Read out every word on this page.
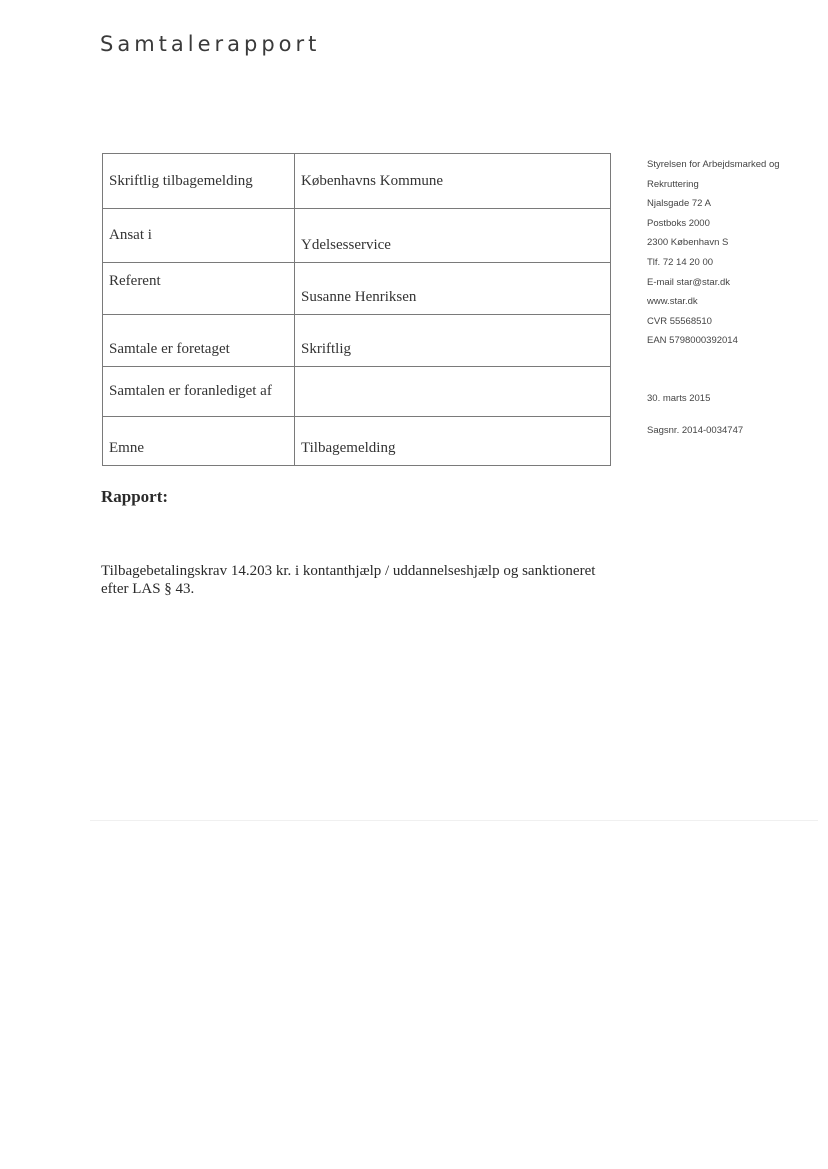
Samtalerapport
Skriftlig tilbagemelding	Københavns Kommune
Ansat i	Ydelsesservice
Referent	Susanne Henriksen
Samtale er foretaget	Skriftlig
Samtalen er foranlediget af	
Emne	Tilbagemelding
Styrelsen for Arbejdsmarked og
Rekruttering
Njalsgade 72 A
Postboks 2000
2300 København S
Tlf. 72 14 20 00
E-mail star@star.dk
www.star.dk
CVR 55568510
EAN 5798000392014
30. marts 2015
Sagsnr. 2014-0034747
Rapport:
Tilbagebetalingskrav 14.203 kr. i kontanthjælp / uddannelseshjælp og sanktioneret efter LAS § 43.
